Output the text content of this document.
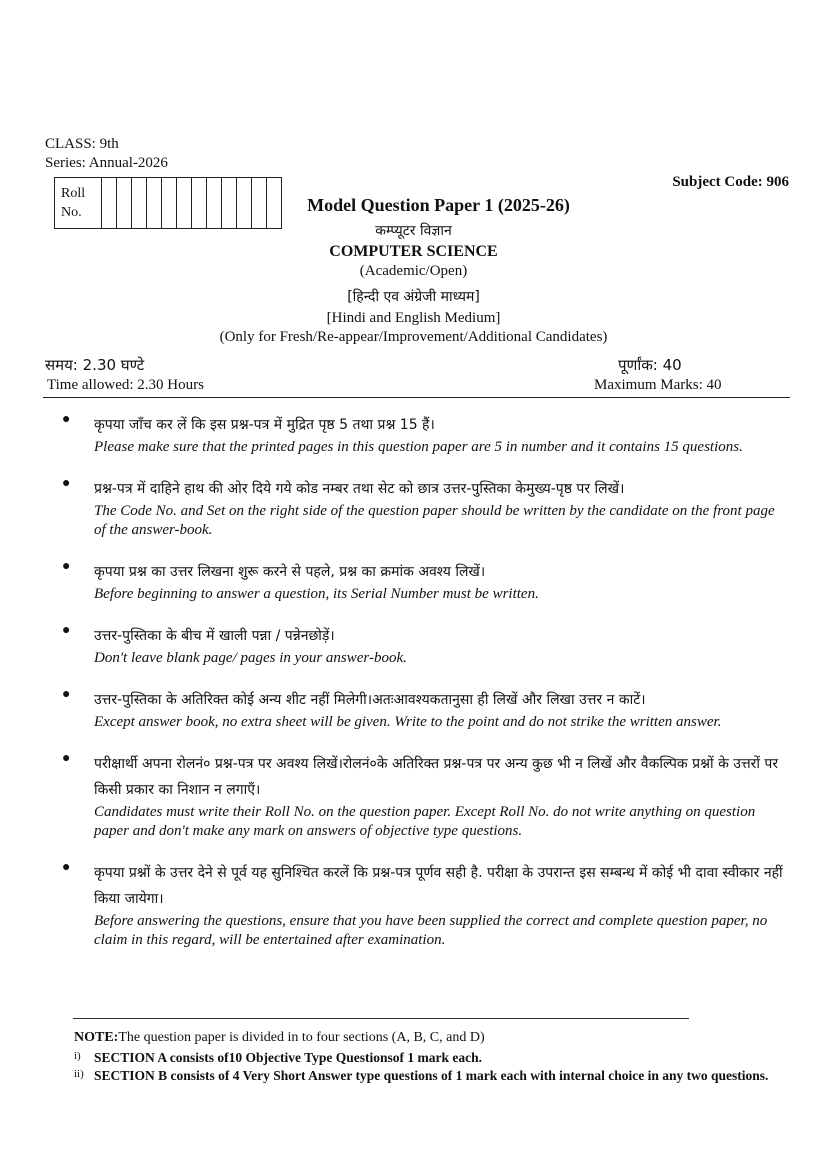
CLASS: 9th
Series: Annual-2026
Subject Code: 906
Roll
No.													Model Question Paper 1 (2025-26)
कम्प्यूटर विज्ञान
COMPUTER SCIENCE
(Academic/Open)
[हिन्दी एव अंग्रेजी माध्यम]
[Hindi and English Medium]
(Only for Fresh/Re-appear/Improvement/Additional Candidates)
समय: 2.30 घण्टे	पूर्णांक: 40
Time allowed: 2.30 Hours	Maximum Marks: 40
● कृपया जाँच कर लें कि इस प्रश्न-पत्र में मुद्रित पृष्ठ 5 तथा प्रश्न 15 हैं।
Please make sure that the printed pages in this question paper are 5 in number and it contains 15 questions.
● प्रश्न-पत्र में दाहिने हाथ की ओर दिये गये कोड नम्बर तथा सेट को छात्र उत्तर-पुस्तिका केमुख्य-पृष्ठ पर लिखें।
The Code No. and Set on the right side of the question paper should be written by the candidate on the front page of the answer-book.
● कृपया प्रश्न का उत्तर लिखना शुरू करने से पहले, प्रश्न का क्रमांक अवश्य लिखें।
Before beginning to answer a question, its Serial Number must be written.
● उत्तर-पुस्तिका के बीच में खाली पन्ना / पन्नेनछोड़ें।
Don't leave blank page/ pages in your answer-book.
● उत्तर-पुस्तिका के अतिरिक्त कोई अन्य शीट नहीं मिलेगी।अतःआवश्यकतानुसा ही लिखें और लिखा उत्तर न काटें।
Except answer book, no extra sheet will be given. Write to the point and do not strike the written answer.
● परीक्षार्थी अपना रोलनं० प्रश्न-पत्र पर अवश्य लिखें।रोलनं०के अतिरिक्त प्रश्न-पत्र पर अन्य कुछ भी न लिखें और वैकल्पिक प्रश्नों के उत्तरों पर किसी प्रकार का निशान न लगाएँ।
Candidates must write their Roll No. on the question paper. Except Roll No. do not write anything on question paper and don't make any mark on answers of objective type questions.
● कृपया प्रश्नों के उत्तर देने से पूर्व यह सुनिश्चित करलें कि प्रश्न-पत्र पूर्णव सही है. परीक्षा के उपरान्त इस सम्बन्ध में कोई भी दावा स्वीकार नहीं किया जायेगा।
Before answering the questions, ensure that you have been supplied the correct and complete question paper, no claim in this regard, will be entertained after examination.
NOTE:The question paper is divided in to four sections (A, B, C, and D)
i) SECTION A consists of10 Objective Type Questionsof 1 mark each.
ii) SECTION B consists of 4 Very Short Answer type questions of 1 mark each with internal choice in any two questions.
